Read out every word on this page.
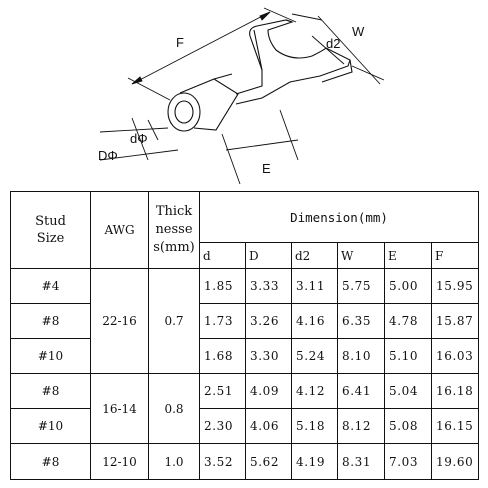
F
W
d2
dΦ
DΦ
E
Stud
Size	AWG	Thick
nesse
s(mm)	Dimension(mm)					
			d	D	d2	W	E	F
#4	22-16	0.7	1.85	3.33	3.11	5.75	5.00	15.95
#8			1.73	3.26	4.16	6.35	4.78	15.87
#10			1.68	3.30	5.24	8.10	5.10	16.03
#8	16-14	0.8	2.51	4.09	4.12	6.41	5.04	16.18
#10			2.30	4.06	5.18	8.12	5.08	16.15
#8	12-10	1.0	3.52	5.62	4.19	8.31	7.03	19.60
